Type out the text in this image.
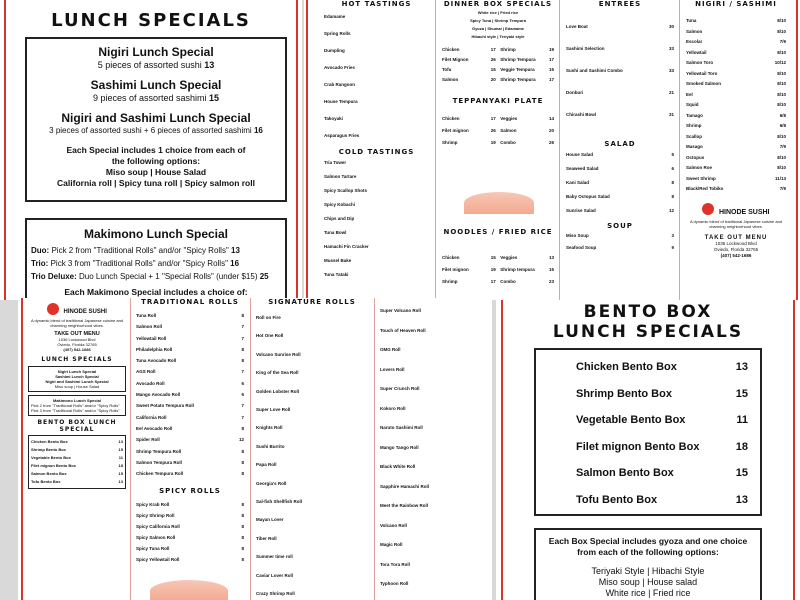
LUNCH SPECIALS
Nigiri Lunch Special
5 pieces of assorted sushi 13
Sashimi Lunch Special
9 pieces of assorted sashimi 15
Nigiri and Sashimi Lunch Special
3 pieces of assorted sushi + 6 pieces of assorted sashimi 16
Each Special includes 1 choice from each of the following options:
Miso soup | House Salad
California roll | Spicy tuna roll | Spicy salmon roll
Makimono Lunch Special
Duo: Pick 2 from "Traditional Rolls" and/or "Spicy Rolls" 13
Trio: Pick 3 from "Traditional Rolls" and/or "Spicy Rolls" 16
Trio Deluxe: Duo Lunch Special + 1 "Special Rolls" (under $15) 25
Each Makimono Special includes a choice of:
HOT TASTINGS
Edamame
Spring Rolls
Dumpling
Avocado Fries
Crab Rangoon
House Tempura
Takoyaki
Asparagus Fries
COLD TASTINGS
Tria Tower
Salmon Tartare
Spicy Scallop Shots
Spicy Kobachi
Chips and Dip
Tuna Bowl
Hamachi Fin Cracker
Mussel Bake
Tuna Tataki
DINNER BOX SPECIALS
White rice | Fried rice
Spicy Tuna | Shrimp Tempura
Gyoza | Shumai | Edamame
Hibachi style | Teriyaki style
Chicken	17 Shrimp	19
Filet Mignon	26 Shrimp Tempura	17
Tofu	15 Veggie Tempura	15
Salmon	20 Shrimp Tempura	17
TEPPANYAKI PLATE
Chicken	17 Veggies	14
Filet mignon	26 Salmon	20
Shrimp	19 Combo	26
NOODLES / FRIED RICE
Chicken	15 Veggies	13
Filet mignon	19 Shrimp tempura	15
Shrimp	17 Combo	23
ENTREES
Love Boat	30
Sashimi Selection	33
Sushi and Sashimi Combo	33
Donburi	21
Chirashi Bowl	31
SALAD
House Salad	5
Seaweed Salad	6
Kani Salad	8
Baby Octopus Salad	8
Sunrise Salad	12
SOUP
Miso Soup	3
Seafood Soup	9
NIGIRI / SASHIMI
Tuna	8/10
Salmon	8/10
Escolar	7/9
Yellowtail	8/10
Salmon Toro	10/12
Yellowtail Toro	8/10
Smoked Salmon	8/10
Eel	8/10
Squid	8/10
Tamago	6/8
Shrimp	6/8
Scallop	8/10
Masago	7/9
Octopus	8/10
Salmon Roe	8/10
Sweet Shrimp	11/13
Black/Red Tobiko	7/9
HINODE SUSHI
A dynamic blend of traditional Japanese cuisine and charming neighborhood vibes.
TAKE OUT MENU
1036 Lockwood Blvd
Oviedo, Florida 32765
(407) 542-1686
HINODE SUSHI
A dynamic blend of traditional Japanese cuisine and charming neighborhood vibes.
TAKE OUT MENU
1036 Lockwood Blvd
Oviedo, Florida 32765
(407) 542-1686
LUNCH SPECIALS
Nigiri Lunch Special
Sashimi Lunch Special
Nigiri and Sashimi Lunch Special
Miso soup | House Salad
Makimono Lunch Special
Pick 2 from "Traditional Rolls" and/or "Spicy Rolls"
Pick 3 from "Traditional Rolls" and/or "Spicy Rolls"
BENTO BOX LUNCH SPECIAL
Chicken Bento Box	13
Shrimp Bento Box	15
Vegetable Bento Box	11
Filet mignon Bento Box	18
Salmon Bento Box	15
Tofu Bento Box	13
TRADITIONAL ROLLS
Tuna Roll	8
Salmon Roll	7
Yellowtail Roll	7
Philadelphia Roll	8
Tuna Avocado Roll	8
AGS Roll	7
Avocado Roll	6
Mango Avocado Roll	6
Sweet Potato Tempura Roll	7
California Roll	7
Eel Avocado Roll	8
Spider Roll	12
Shrimp Tempura Roll	8
Salmon Tempura Roll	8
Chicken Tempura Roll	8
SPICY ROLLS
Spicy Krab Roll	8
Spicy Shrimp Roll	8
Spicy California Roll	8
Spicy Salmon Roll	8
Spicy Tuna Roll	8
Spicy Yellowtail Roll	8
SIGNATURE ROLLS
Roll on Fire
Hot One Roll
Volcano Sunrise Roll
King of the Sea Roll
Golden Lobster Roll
Super Love Roll
Knights Roll
Sushi Burrito
Papa Roll
Georgia's Roll
Sal-fish Shellfish Roll
Mayan Lover
Tiber Roll
Summer time roll
Caviar Lover Roll
Crazy Shrimp Roll
Super Volcano Roll
Touch of Heaven Roll
OMG Roll
Lovers Roll
Super Crunch Roll
Kokoro Roll
Naruto Sashimi Roll
Mango Tango Roll
Black White Roll
Sapphire Hamachi Roll
Meet the Rainbow Roll
Volcano Roll
Magic Roll
Tora Tora Roll
Typhoon Roll
BENTO BOX
LUNCH SPECIALS
Chicken Bento Box	13
Shrimp Bento Box	15
Vegetable Bento Box	11
Filet mignon Bento Box	18
Salmon Bento Box	15
Tofu Bento Box	13
Each Box Special includes gyoza and one choice from each of the following options:
Teriyaki Style | Hibachi Style
Miso soup | House salad
White rice | Fried rice
